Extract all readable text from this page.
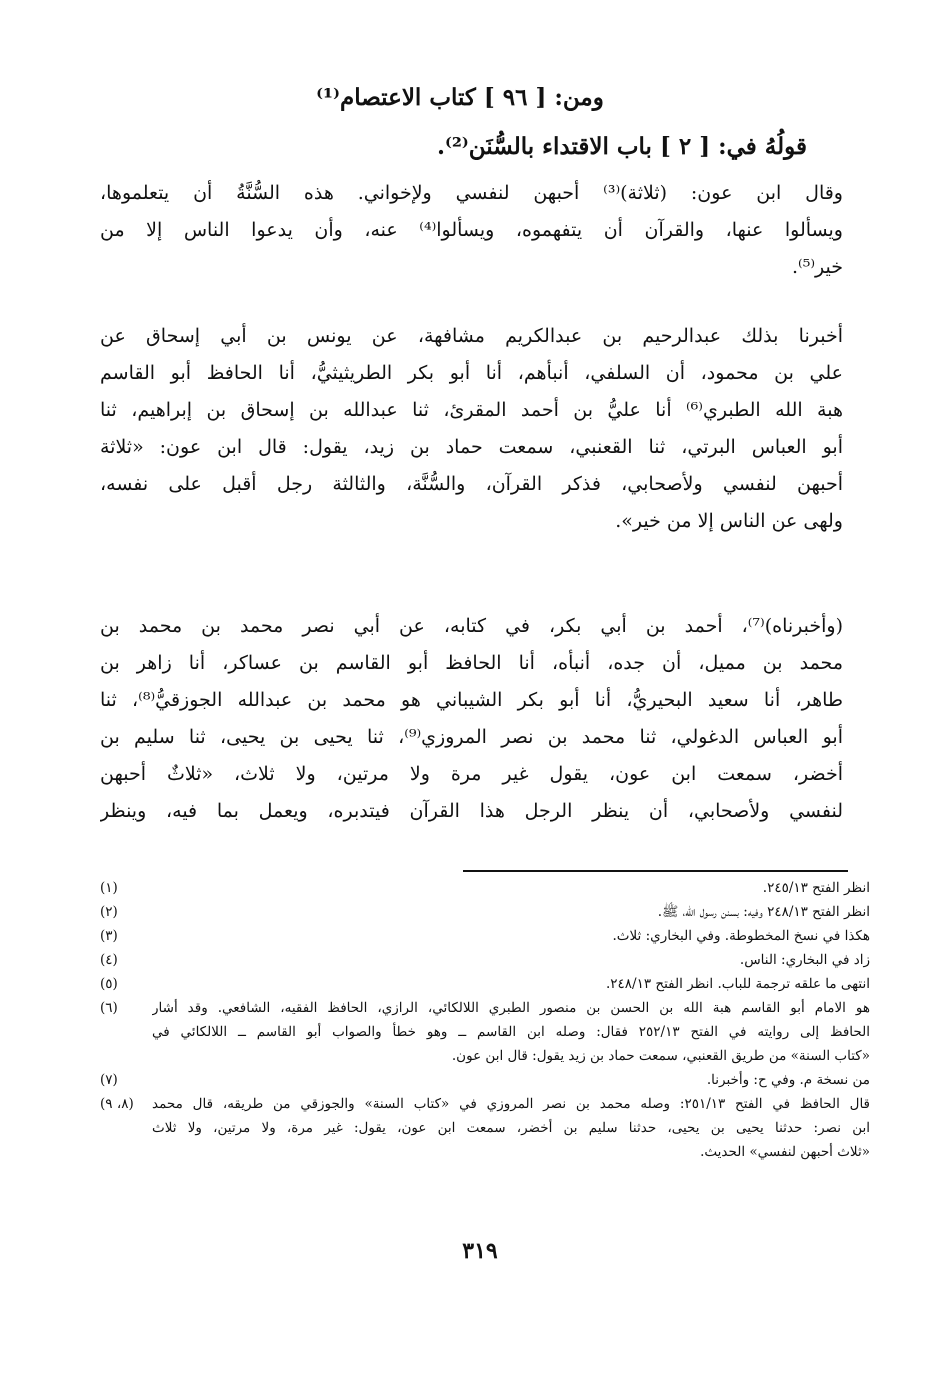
ومن: [ ٩٦ ] كتاب الاعتصام⁽¹⁾
قولُهُ في: [ ٢ ] باب الاقتداء بالسُّنَن⁽²⁾.
وقال ابن عون: (ثلاثة)⁽³⁾ أحبهن لنفسي ولإخواني. هذه السُّنَّةُ أن يتعلموها،
ويسألوا عنها، والقرآن أن يتفهموه، ويسألوا⁽⁴⁾ عنه، وأن يدعوا الناس إلا من
خير⁽⁵⁾.
أخبرنا بذلك عبدالرحيم بن عبدالكريم مشافهة، عن يونس بن أبي إسحاق عن
علي بن محمود، أن السلفي، أنبأهم، أنا أبو بكر الطريثيثيُّ، أنا الحافظ أبو القاسم
هبة الله الطبري⁽⁶⁾ أنا عليُّ بن أحمد المقرئ، ثنا عبدالله بن إسحاق بن إبراهيم، ثنا
أبو العباس البرتي، ثنا القعنبي، سمعت حماد بن زيد، يقول: قال ابن عون: «ثلاثة
أحبهن لنفسي ولأصحابي، فذكر القرآن، والسُّنَّة، والثالثة رجل أقبل على نفسه،
ولهى عن الناس إلا من خير».
(وأخبرناه)⁽⁷⁾، أحمد بن أبي بكر، في كتابه، عن أبي نصر محمد بن محمد بن
محمد بن مميل، أن جده، أنبأه، أنا الحافظ أبو القاسم بن عساكر، أنا زاهر بن
طاهر، أنا سعيد البحيريُّ، أنا أبو بكر الشيباني هو محمد بن عبدالله الجوزقيُّ⁽⁸⁾، ثنا
أبو العباس الدغولي، ثنا محمد بن نصر المروزي⁽⁹⁾، ثنا يحيى بن يحيى، ثنا سليم بن
أخضر، سمعت ابن عون، يقول غير مرة ولا مرتين، ولا ثلاث، «ثلاثٌ أحبهن
لنفسي ولأصحابي، أن ينظر الرجل هذا القرآن فيتدبره، ويعمل بما فيه، وينظر
(١)	انظر الفتح ٢٤٥/١٣.
(٢)	انظر الفتح ٢٤٨/١٣ وفيه: بسنن رسول الله، ﷺ.
(٣)	هكذا في نسخ المخطوطة. وفي البخاري: ثلاث.
(٤)	زاد في البخاري: الناس.
(٥)	انتهى ما علقه ترجمة للباب. انظر الفتح ٢٤٨/١٣.
(٦)	هو الامام أبو القاسم هبة الله بن الحسن بن منصور الطبري اللالكائي، الرازي، الحافظ الفقيه، الشافعي. وقد أشار
الحافظ إلى روايته في الفتح ٢٥٢/١٣ فقال: وصله ابن القاسم ــ وهو خطأ والصواب أبو القاسم ــ اللالكائي في
«كتاب السنة» من طريق القعنبي، سمعت حماد بن زيد يقول: قال ابن عون.
(٧)	من نسخة م. وفي ح: وأخبرنا.
(٨، ٩)	قال الحافظ في الفتح ٢٥١/١٣: وصله محمد بن نصر المروزي في «كتاب السنة» والجوزقي من طريقه، قال محمد
ابن نصر: حدثنا يحيى بن يحيى، حدثنا سليم بن أخضر، سمعت ابن عون، يقول: غير مرة، ولا مرتين، ولا ثلاث
«ثلاث أحبهن لنفسي» الحديث.
٣١٩
